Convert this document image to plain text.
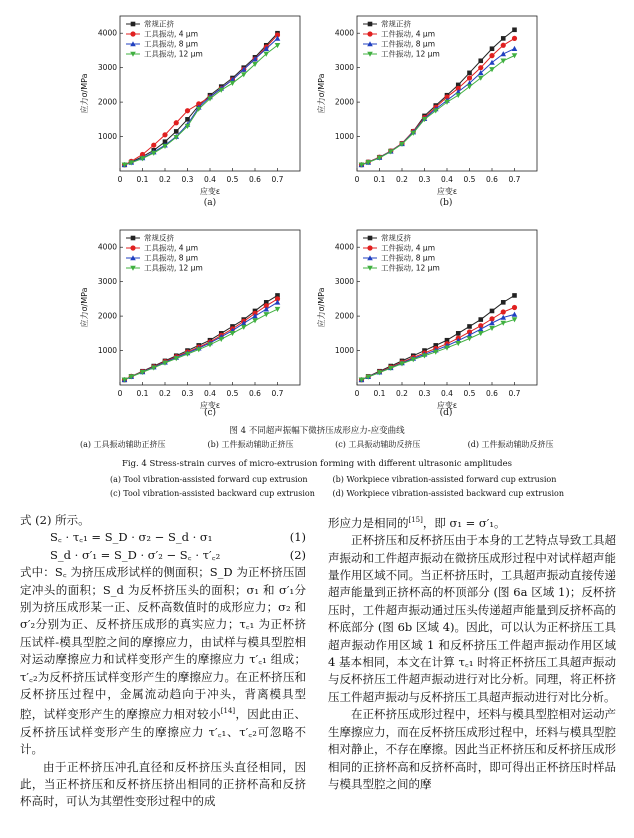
0 0.1 0.2 0.3 0.4 0.5 0.6 0.7
1000
2000
3000
4000
应变ε
应力σ/MPa
常规正挤
工具振动, 4 μm
工具振动, 8 μm
工具振动, 12 μm
(a)
0 0.1 0.2 0.3 0.4 0.5 0.6 0.7
1000
2000
3000
4000
应变ε
应力σ/MPa
常规正挤
工件振动, 4 μm
工件振动, 8 μm
工件振动, 12 μm
(b)
0 0.1 0.2 0.3 0.4 0.5 0.6 0.7
1000
2000
3000
4000
应变ε
应力σ/MPa
常规反挤
工具振动, 4 μm
工具振动, 8 μm
工具振动, 12 μm
(c)
0 0.1 0.2 0.3 0.4 0.5 0.6 0.7
1000
2000
3000
4000
应变ε
应力σ/MPa
常规反挤
工件振动, 4 μm
工件振动, 8 μm
工件振动, 12 μm
(d)
图 4 不同超声振幅下微挤压成形应力-应变曲线
(a) 工具振动辅助正挤压	(b) 工件振动辅助正挤压	(c) 工具振动辅助反挤压	(d) 工件振动辅助反挤压
Fig. 4 Stress-strain curves of micro-extrusion forming with different ultrasonic amplitudes
(a) Tool vibration-assisted forward cup extrusion	(b) Workpiece vibration-assisted forward cup extrusion
(c) Tool vibration-assisted backward cup extrusion (d) Workpiece vibration-assisted backward cup extrusion

式 (2) 所示。

S꜀ · τ꜀₁ = S_D · σ₂ − S_d · σ₁	(1)
S_d · σ′₁ = S_D · σ′₂ − S꜀ · τ′꜀₂	(2)

式中：S꜀ 为挤压成形试样的侧面积；S_D 为正杯挤压固定冲头的面积；S_d 为反杯挤压头的面积；σ₁ 和 σ′₁分别为挤压成形某一正、反杯高数值时的成形应力；σ₂ 和 σ′₂分别为正、反杯挤压成形的真实应力；τ꜀₁ 为正杯挤压试样-模具型腔之间的摩擦应力，由试样与模具型腔相对运动摩擦应力和试样变形产生的摩擦应力 τ′꜀₁ 组成；τ′꜀₂为反杯挤压试样变形产生的摩擦应力。在正杯挤压和反杯挤压过程中，金属流动趋向于冲头，背离模具型腔，试样变形产生的摩擦应力相对较小[14]，因此由正、反杯挤压试样变形产生的摩擦应力 τ′꜀₁、τ′꜀₂可忽略不计。

由于正杯挤压冲孔直径和反杯挤压头直径相同，因此，当正杯挤压和反杯挤压挤出相同的正挤杯高和反挤杯高时，可认为其塑性变形过程中的成

形应力是相同的[15]，即 σ₁ = σ′₁。

正杯挤压和反杯挤压由于本身的工艺特点导致工具超声振动和工件超声振动在微挤压成形过程中对试样超声能量作用区域不同。当正杯挤压时，工具超声振动直接传递超声能量到正挤杯高的杯顶部分 (图 6a 区域 1)；反杯挤压时，工件超声振动通过压头传递超声能量到反挤杯高的杯底部分 (图 6b 区域 4)。因此，可以认为正杯挤压工具超声振动作用区域 1 和反杯挤压工件超声振动作用区域 4 基本相同，本文在计算 τ꜀₁ 时将正杯挤压工具超声振动与反杯挤压工件超声振动进行对比分析。同理，将正杯挤压工件超声振动与反杯挤压工具超声振动进行对比分析。

在正杯挤压成形过程中，坯料与模具型腔相对运动产生摩擦应力，而在反杯挤压成形过程中，坯料与模具型腔相对静止，不存在摩擦。因此当正杯挤压和反杯挤压成形相同的正挤杯高和反挤杯高时，即可得出正杯挤压时样品与模具型腔之间的摩
